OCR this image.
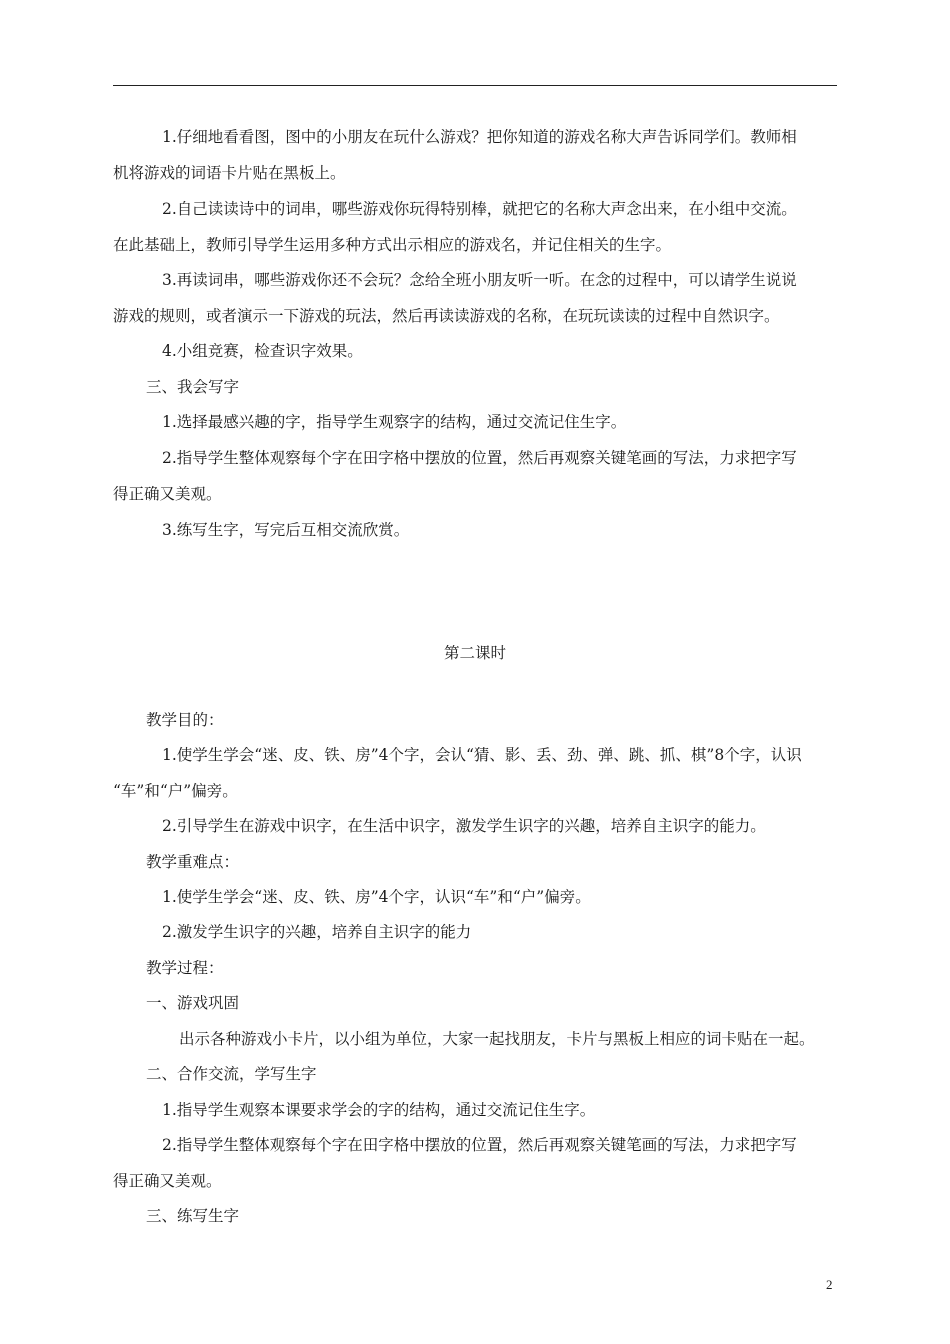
1.仔细地看看图，图中的小朋友在玩什么游戏？把你知道的游戏名称大声告诉同学们。教师相
机将游戏的词语卡片贴在黑板上。
2.自己读读诗中的词串，哪些游戏你玩得特别棒，就把它的名称大声念出来，在小组中交流。
在此基础上，教师引导学生运用多种方式出示相应的游戏名，并记住相关的生字。
3.再读词串，哪些游戏你还不会玩？念给全班小朋友听一听。在念的过程中，可以请学生说说
游戏的规则，或者演示一下游戏的玩法，然后再读读游戏的名称，在玩玩读读的过程中自然识字。
4.小组竞赛，检查识字效果。
三、我会写字
1.选择最感兴趣的字，指导学生观察字的结构，通过交流记住生字。
2.指导学生整体观察每个字在田字格中摆放的位置，然后再观察关键笔画的写法，力求把字写
得正确又美观。
3.练写生字，写完后互相交流欣赏。
第二课时
教学目的：
1.使学生学会“迷、皮、铁、房”4个字，会认“猜、影、丢、劲、弹、跳、抓、棋”8个字，认识
“车”和“户”偏旁。
2.引导学生在游戏中识字，在生活中识字，激发学生识字的兴趣，培养自主识字的能力。
教学重难点：
1.使学生学会“迷、皮、铁、房”4个字，认识“车”和“户”偏旁。
2.激发学生识字的兴趣，培养自主识字的能力
教学过程：
一、游戏巩固
出示各种游戏小卡片，以小组为单位，大家一起找朋友，卡片与黑板上相应的词卡贴在一起。
二、合作交流，学写生字
1.指导学生观察本课要求学会的字的结构，通过交流记住生字。
2.指导学生整体观察每个字在田字格中摆放的位置，然后再观察关键笔画的写法，力求把字写
得正确又美观。
三、练写生字
2
